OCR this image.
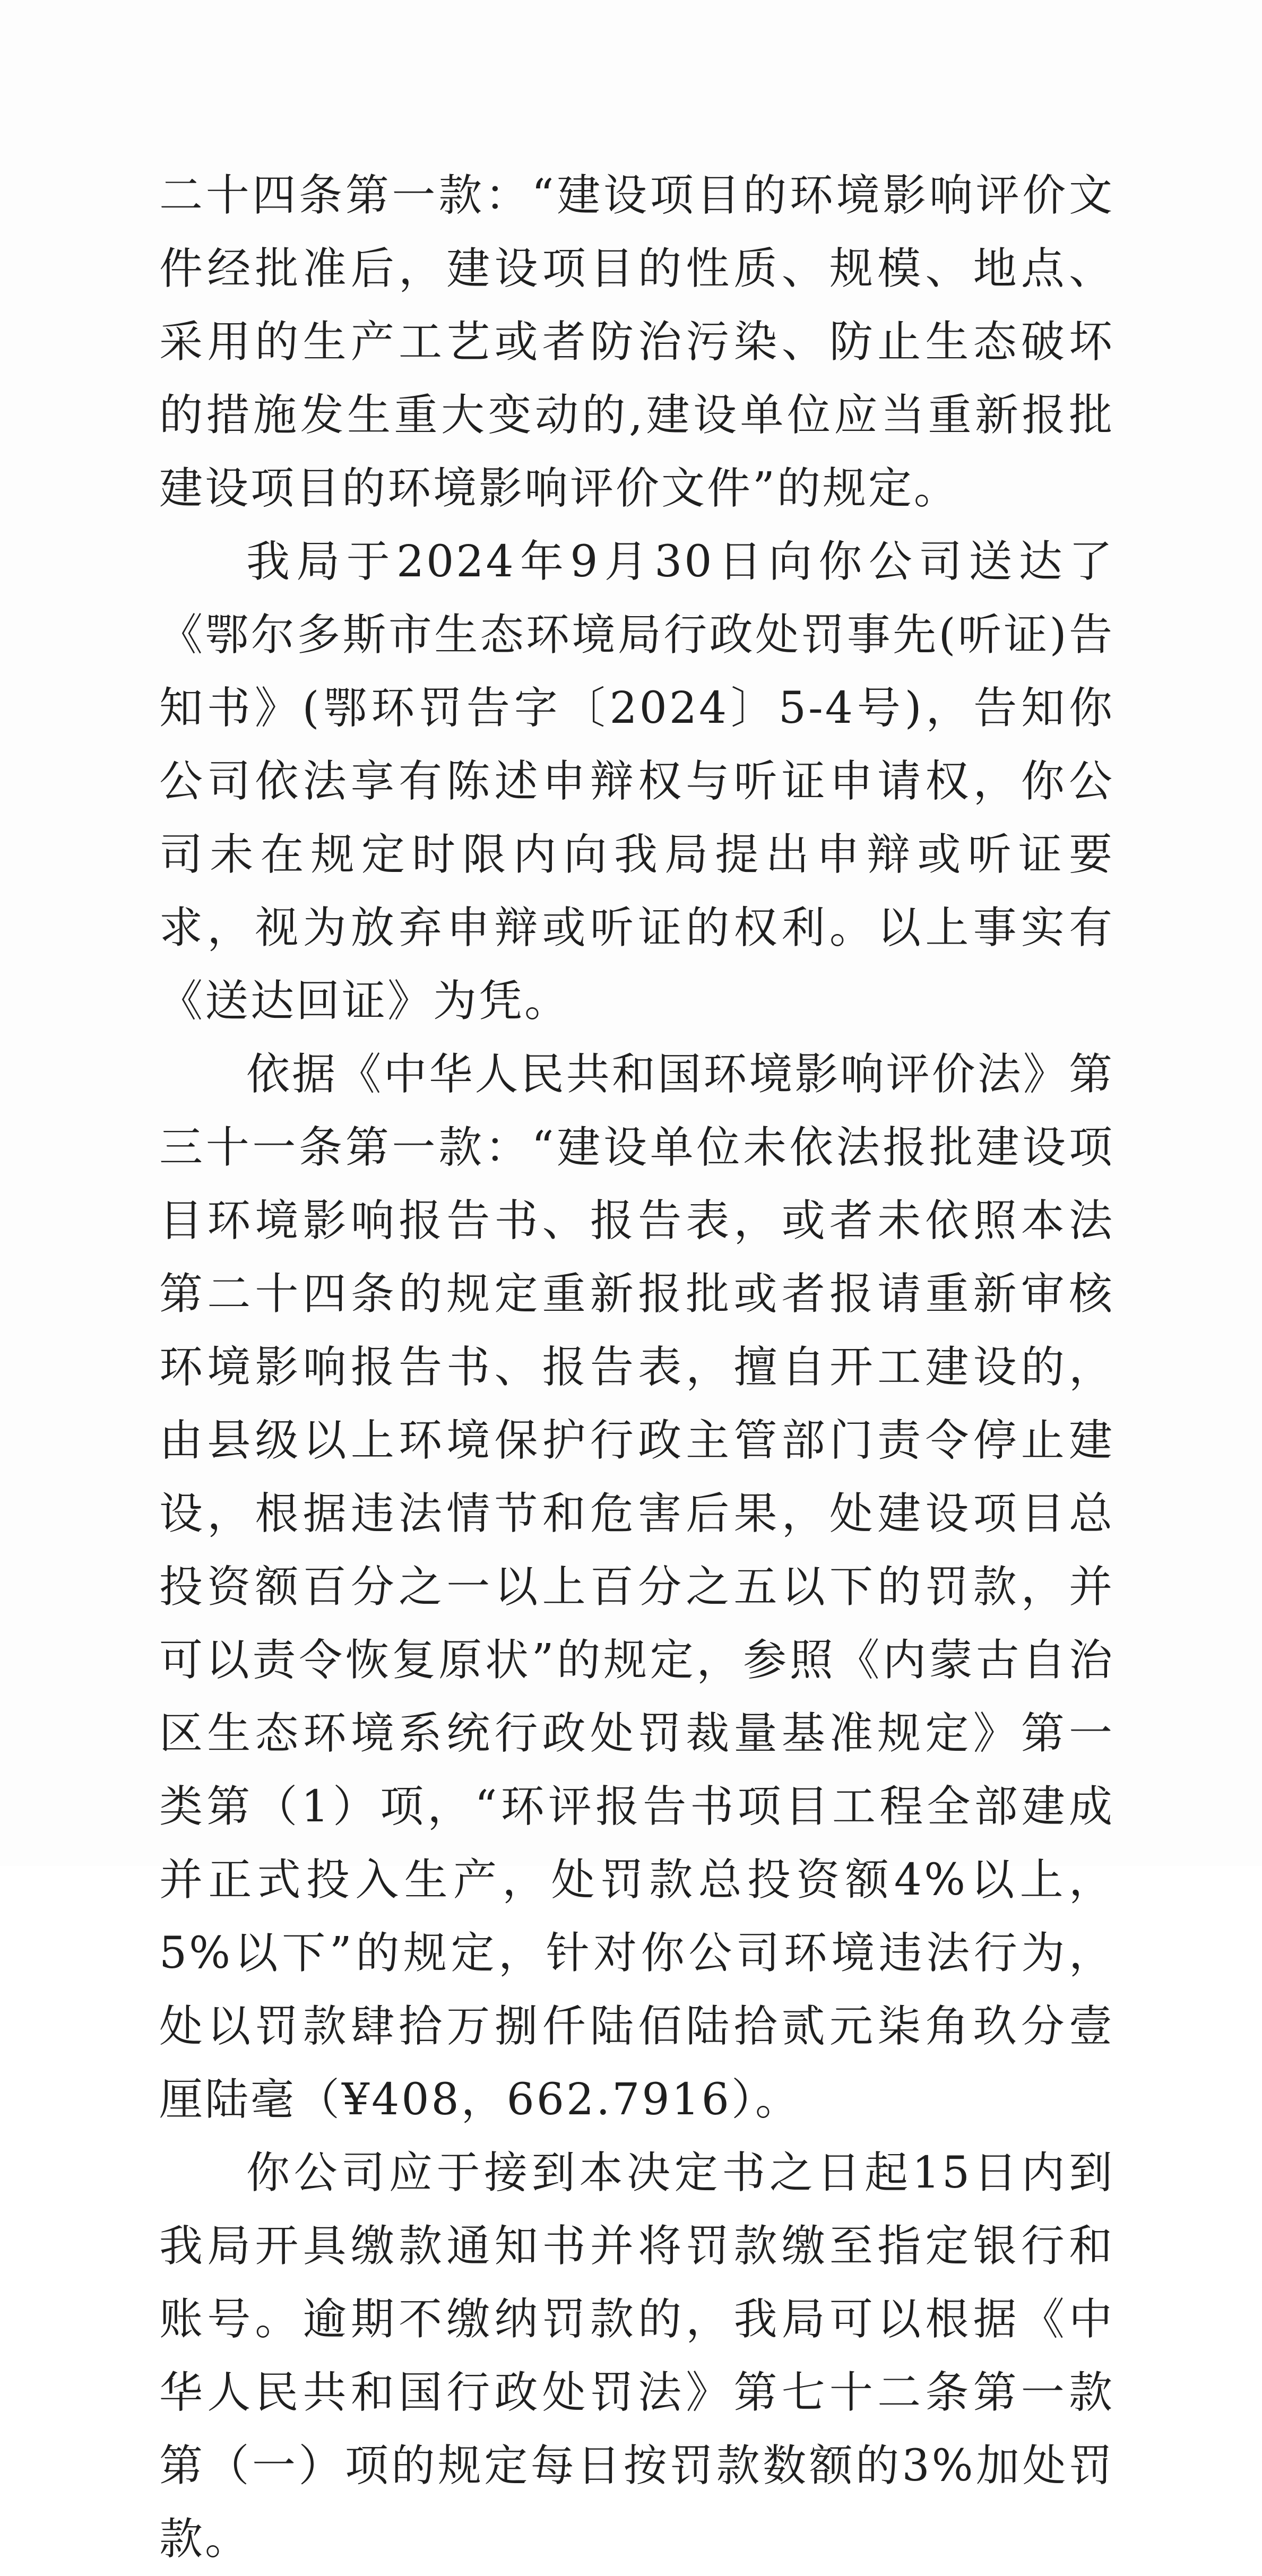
二十四条第一款：“建设项目的环境影响评价文件经批准后，建设项目的性质、规模、地点、采用的生产工艺或者防治污染、防止生态破坏的措施发生重大变动的,建设单位应当重新报批建设项目的环境影响评价文件”的规定。

我局于2024年9月30日向你公司送达了《鄂尔多斯市生态环境局行政处罚事先(听证)告知书》(鄂环罚告字〔2024〕5-4号)，告知你公司依法享有陈述申辩权与听证申请权，你公司未在规定时限内向我局提出申辩或听证要求，视为放弃申辩或听证的权利。以上事实有《送达回证》为凭。

依据《中华人民共和国环境影响评价法》第三十一条第一款：“建设单位未依法报批建设项目环境影响报告书、报告表，或者未依照本法第二十四条的规定重新报批或者报请重新审核环境影响报告书、报告表，擅自开工建设的，由县级以上环境保护行政主管部门责令停止建设，根据违法情节和危害后果，处建设项目总投资额百分之一以上百分之五以下的罚款，并可以责令恢复原状”的规定，参照《内蒙古自治区生态环境系统行政处罚裁量基准规定》第一类第（1）项，“环评报告书项目工程全部建成并正式投入生产，处罚款总投资额4%以上，5%以下”的规定，针对你公司环境违法行为，处以罚款肆拾万捌仟陆佰陆拾贰元柒角玖分壹厘陆毫（¥408，662.7916）。

你公司应于接到本决定书之日起15日内到我局开具缴款通知书并将罚款缴至指定银行和账号。逾期不缴纳罚款的，我局可以根据《中华人民共和国行政处罚法》第七十二条第一款第（一）项的规定每日按罚款数额的3%加处罚款。
